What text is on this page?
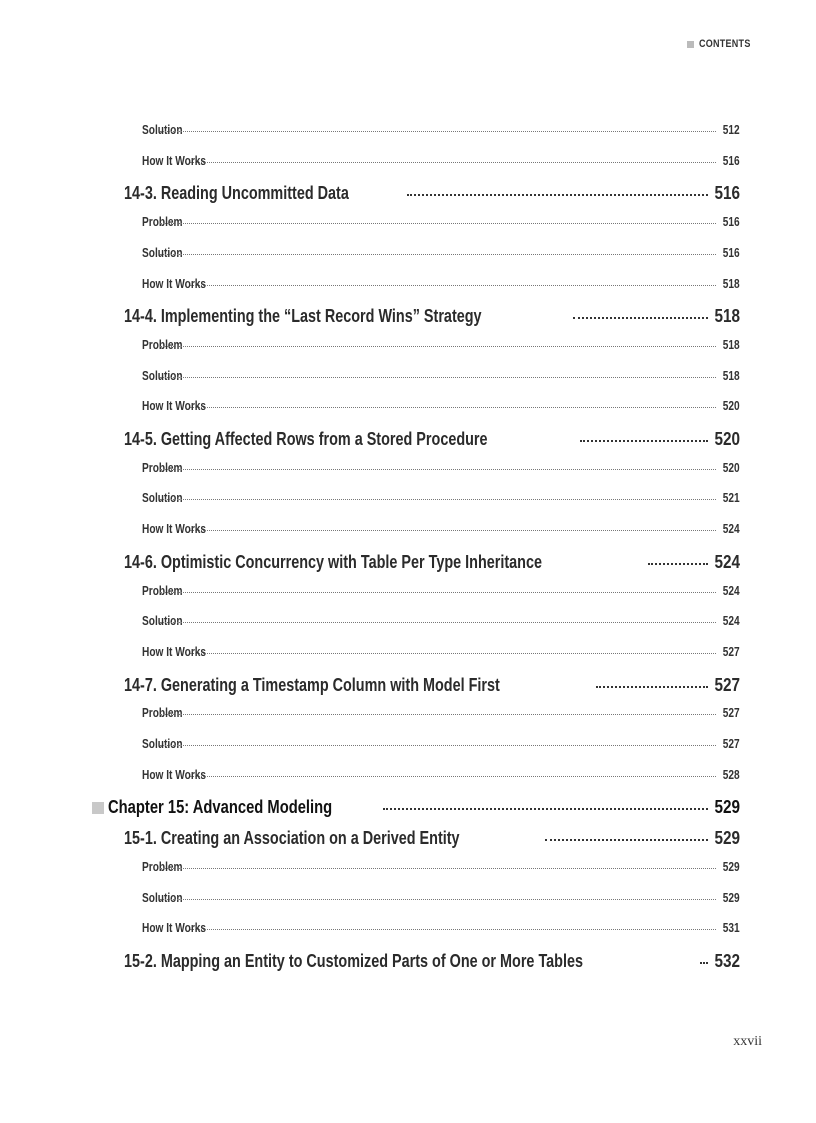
CONTENTS
Solution	512
How It Works	516
14-3. Reading Uncommitted Data	516
Problem	516
Solution	516
How It Works	518
14-4. Implementing the “Last Record Wins” Strategy	518
Problem	518
Solution	518
How It Works	520
14-5. Getting Affected Rows from a Stored Procedure	520
Problem	520
Solution	521
How It Works	524
14-6. Optimistic Concurrency with Table Per Type Inheritance	524
Problem	524
Solution	524
How It Works	527
14-7. Generating a Timestamp Column with Model First	527
Problem	527
Solution	527
How It Works	528
Chapter 15: Advanced Modeling	529
15-1. Creating an Association on a Derived Entity	529
Problem	529
Solution	529
How It Works	531
15-2. Mapping an Entity to Customized Parts of One or More Tables	532
xxvii
